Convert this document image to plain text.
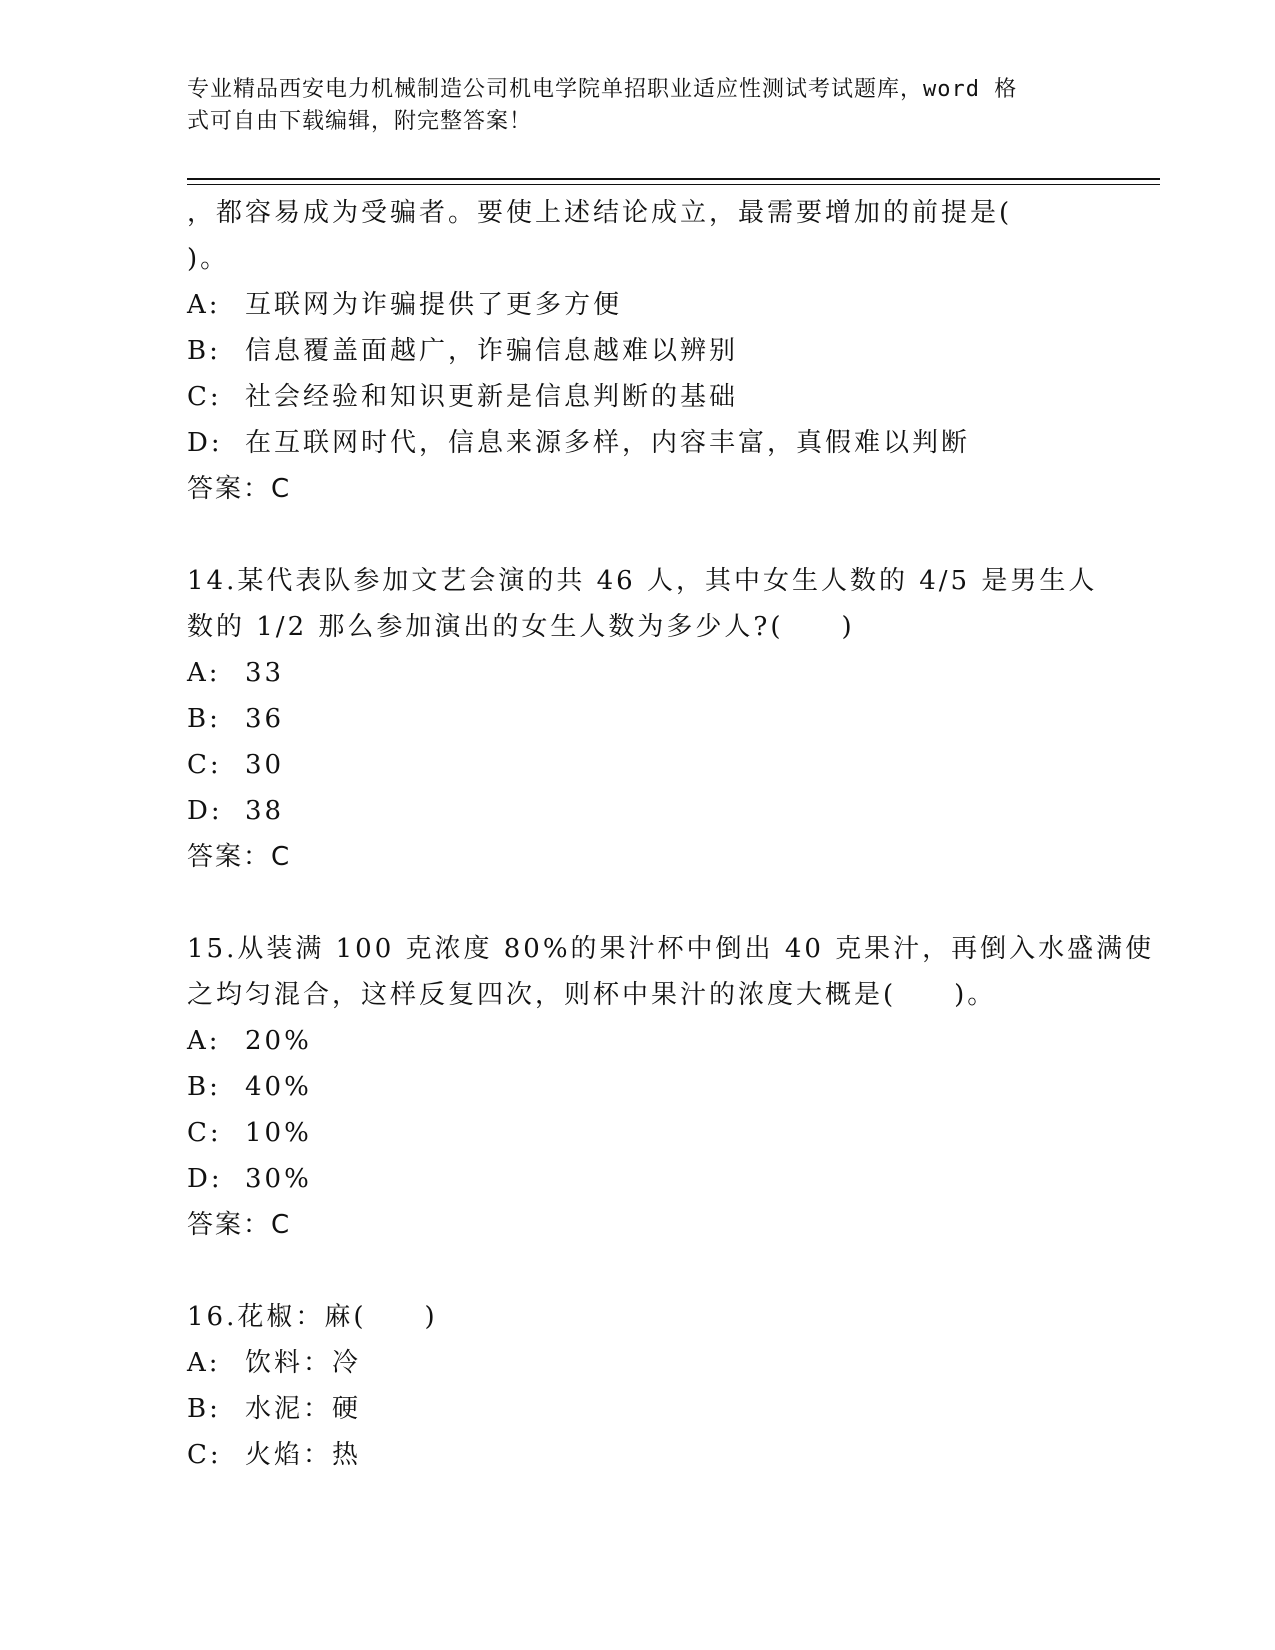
专业精品西安电力机械制造公司机电学院单招职业适应性测试考试题库，word 格
式可自由下载编辑，附完整答案！
，都容易成为受骗者。要使上述结论成立，最需要增加的前提是(
)。
A: 互联网为诈骗提供了更多方便
B: 信息覆盖面越广，诈骗信息越难以辨别
C: 社会经验和知识更新是信息判断的基础
D: 在互联网时代，信息来源多样，内容丰富，真假难以判断
答案：C
14.某代表队参加文艺会演的共 46 人，其中女生人数的 4/5 是男生人
数的 1/2 那么参加演出的女生人数为多少人?(　　)
A: 33
B: 36
C: 30
D: 38
答案：C
15.从装满 100 克浓度 80%的果汁杯中倒出 40 克果汁，再倒入水盛满使
之均匀混合，这样反复四次，则杯中果汁的浓度大概是(　　)。
A: 20%
B: 40%
C: 10%
D: 30%
答案：C
16.花椒：麻(　　)
A: 饮料：冷
B: 水泥：硬
C: 火焰：热
